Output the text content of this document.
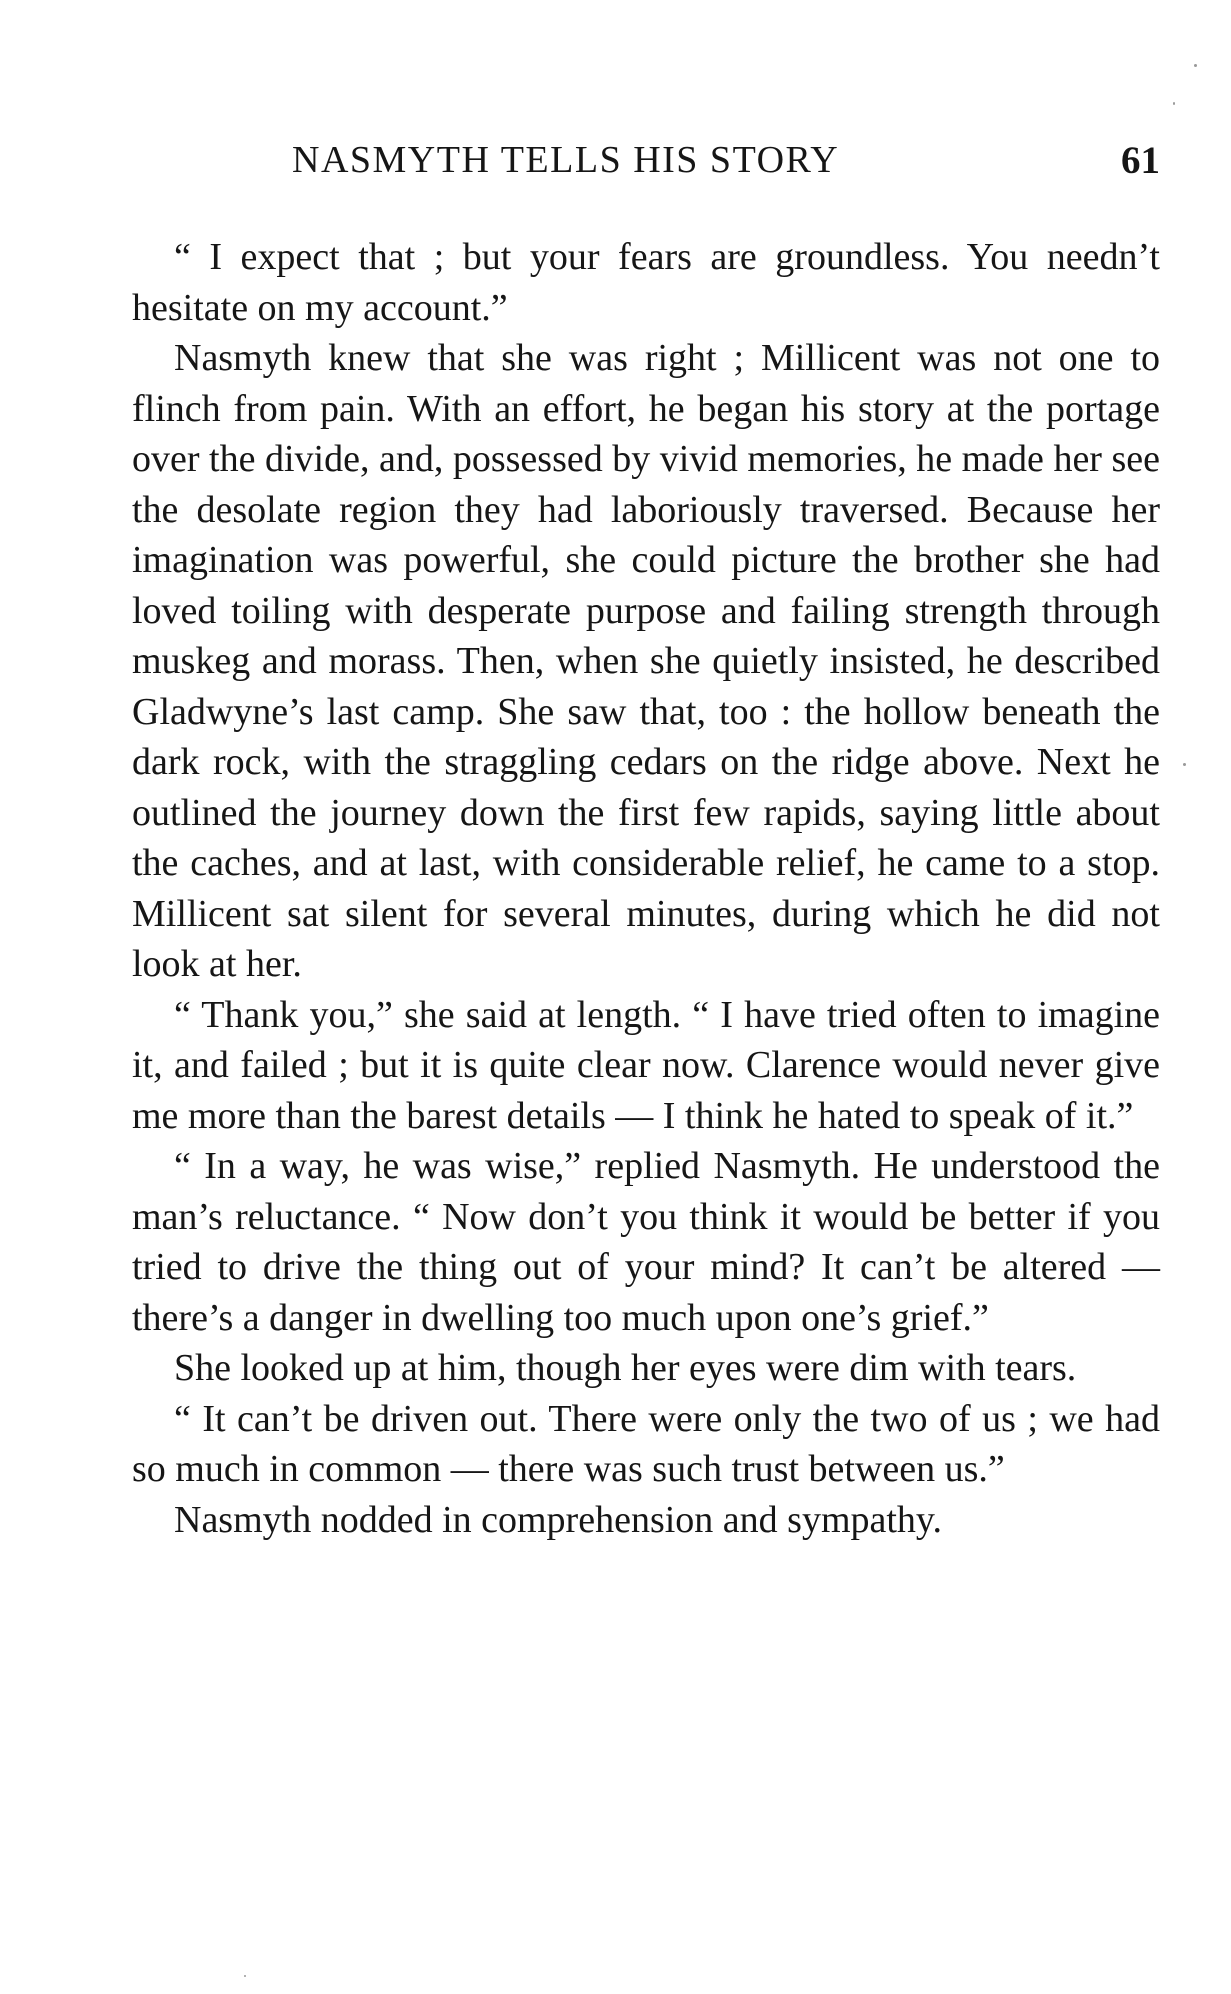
NASMYTH TELLS HIS STORY	61

“ I expect that ; but your fears are groundless. You needn’t hesitate on my account.”

Nasmyth knew that she was right ; Millicent was not one to flinch from pain. With an effort, he began his story at the portage over the divide, and, possessed by vivid memories, he made her see the desolate region they had laboriously traversed. Because her imagination was powerful, she could picture the brother she had loved toiling with desperate purpose and failing strength through muskeg and morass. Then, when she quietly insisted, he described Gladwyne’s last camp. She saw that, too : the hollow beneath the dark rock, with the straggling cedars on the ridge above. Next he outlined the journey down the first few rapids, saying little about the caches, and at last, with considerable relief, he came to a stop. Millicent sat silent for several minutes, during which he did not look at her.

“ Thank you,” she said at length. “ I have tried often to imagine it, and failed ; but it is quite clear now. Clarence would never give me more than the barest details — I think he hated to speak of it.”

“ In a way, he was wise,” replied Nasmyth. He understood the man’s reluctance. “ Now don’t you think it would be better if you tried to drive the thing out of your mind? It can’t be altered — there’s a danger in dwelling too much upon one’s grief.”

She looked up at him, though her eyes were dim with tears.

“ It can’t be driven out. There were only the two of us ; we had so much in common — there was such trust between us.”

Nasmyth nodded in comprehension and sympathy.
